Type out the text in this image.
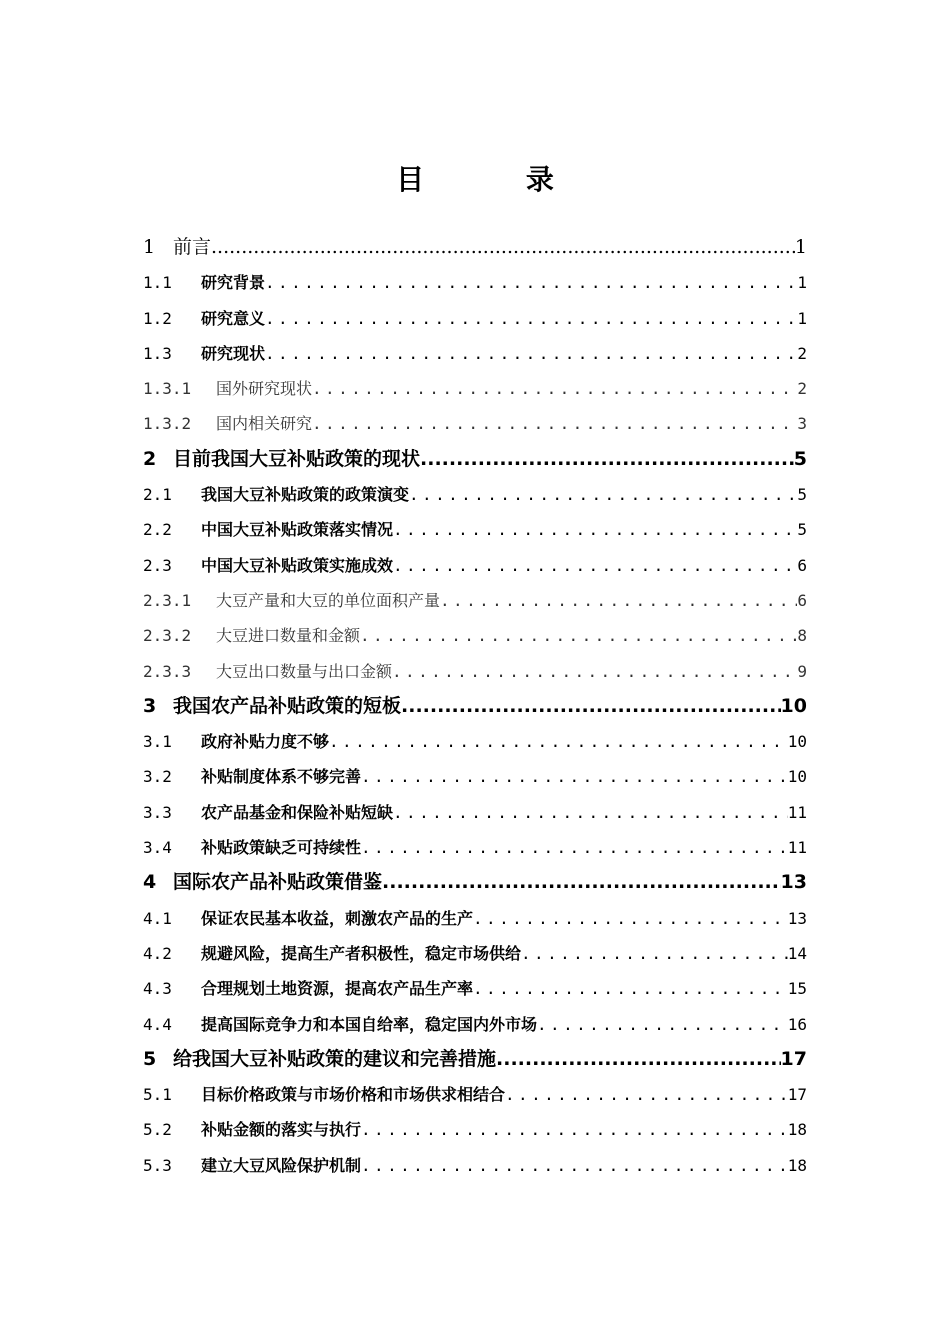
目 录
1 前言 .....	1
1.1	研究背景 .....	1
1.2	研究意义 .....	1
1.3	研究现状 .....	2
1.3.1	国外研究现状 .....	2
1.3.2	国内相关研究 .....	3
2 目前我国大豆补贴政策的现状 .....	5
2.1	我国大豆补贴政策的政策演变 .....	5
2.2	中国大豆补贴政策落实情况 .....	5
2.3	中国大豆补贴政策实施成效 .....	6
2.3.1	大豆产量和大豆的单位面积产量 .....	6
2.3.2	大豆进口数量和金额 .....	8
2.3.3	大豆出口数量与出口金额 .....	9
3 我国农产品补贴政策的短板 .....	10
3.1	政府补贴力度不够 .....	10
3.2	补贴制度体系不够完善 .....	10
3.3	农产品基金和保险补贴短缺 .....	11
3.4	补贴政策缺乏可持续性 .....	11
4 国际农产品补贴政策借鉴 .....	13
4.1	保证农民基本收益，刺激农产品的生产 .....	13
4.2	规避风险，提高生产者积极性，稳定市场供给 .....	14
4.3	合理规划土地资源，提高农产品生产率 .....	15
4.4	提高国际竞争力和本国自给率，稳定国内外市场 .....	16
5 给我国大豆补贴政策的建议和完善措施 .....	17
5.1	目标价格政策与市场价格和市场供求相结合 .....	17
5.2	补贴金额的落实与执行 .....	18
5.3	建立大豆风险保护机制 .....	18
